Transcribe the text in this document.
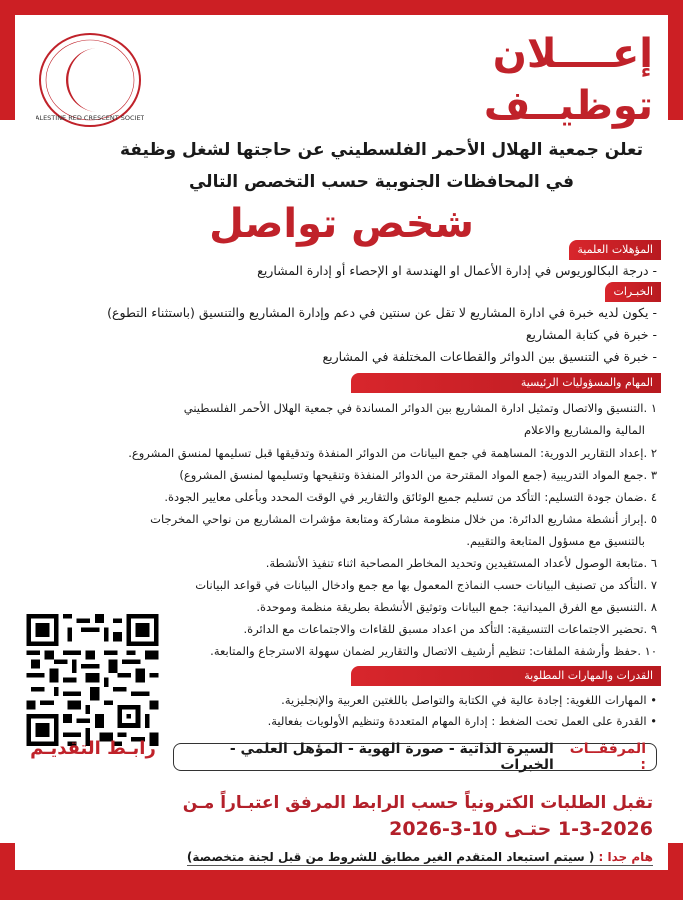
PALESTINE RED CRESCENT SOCIETY
إعــــلان
توظيــف
تعلن جمعية الهلال الأحمر الفلسطيني عن حاجتها لشغل وظيفة
في المحافظات الجنوبية حسب التخصص التالي
شخص تواصل
المؤهلات العلمية
- درجة البكالوريوس في إدارة الأعمال او الهندسة او الإحصاء أو إدارة المشاريع
الخبـرات
- يكون لديه خبرة في ادارة المشاريع لا تقل عن سنتين في دعم وإدارة المشاريع والتنسيق (باستثناء التطوع)
- خبرة في كتابة المشاريع
- خبرة في التنسيق بين الدوائر والقطاعات المختلفة في المشاريع
المهام والمسؤوليات الرئيسية
١ .التنسيق والاتصال وتمثيل ادارة المشاريع بين الدوائر المساندة في جمعية الهلال الأحمر الفلسطيني
المالية والمشاريع والاعلام
٢ .إعداد التقارير الدورية: المساهمة في جمع البيانات من الدوائر المنفذة وتدقيقها قبل تسليمها لمنسق المشروع.
٣ .جمع المواد التدريبية (جمع المواد المقترحة من الدوائر المنفذة وتنقيحها وتسليمها لمنسق المشروع)
٤ .ضمان جودة التسليم: التأكد من تسليم جميع الوثائق والتقارير في الوقت المحدد وبأعلى معايير الجودة.
٥ .إبراز أنشطة مشاريع الدائرة: من خلال منظومة مشاركة ومتابعة مؤشرات المشاريع من نواحي المخرجات
بالتنسيق مع مسؤول المتابعة والتقييم.
٦ .متابعة الوصول لأعداد المستفيدين وتحديد المخاطر المصاحبة اثناء تنفيذ الأنشطة.
٧ .التأكد من تصنيف البيانات حسب النماذج المعمول بها مع جمع وادخال البيانات في قواعد البيانات
٨ .التنسيق مع الفرق الميدانية: جمع البيانات وتوثيق الأنشطة بطريقة منظمة وموحدة.
٩ .تحضير الاجتماعات التنسيقية: التأكد من اعداد مسبق للقاءات والاجتماعات مع الدائرة.
١٠ .حفظ وأرشفة الملفات: تنظيم أرشيف الاتصال والتقارير لضمان سهولة الاسترجاع والمتابعة.
القدرات والمهارات المطلوبة
• المهارات اللغوية: إجادة عالية في الكتابة والتواصل باللغتين العربية والإنجليزية.
• القدرة على العمل تحت الضغط : إدارة المهام المتعددة وتنظيم الأولويات بفعالية.
رابـط التقديـم	المرفقــات :
السيرة الذاتية - صورة الهوية - المؤهل العلمي - الخبرات
تقبل الطلبات الكترونياً حسب الرابط المرفق اعتبـاراً مـن
1-3-2026 حتـى 10-3-2026
هام جدا : ( سيتم استبعاد المتقدم الغير مطابق للشروط من قبل لجنة متخصصة)
